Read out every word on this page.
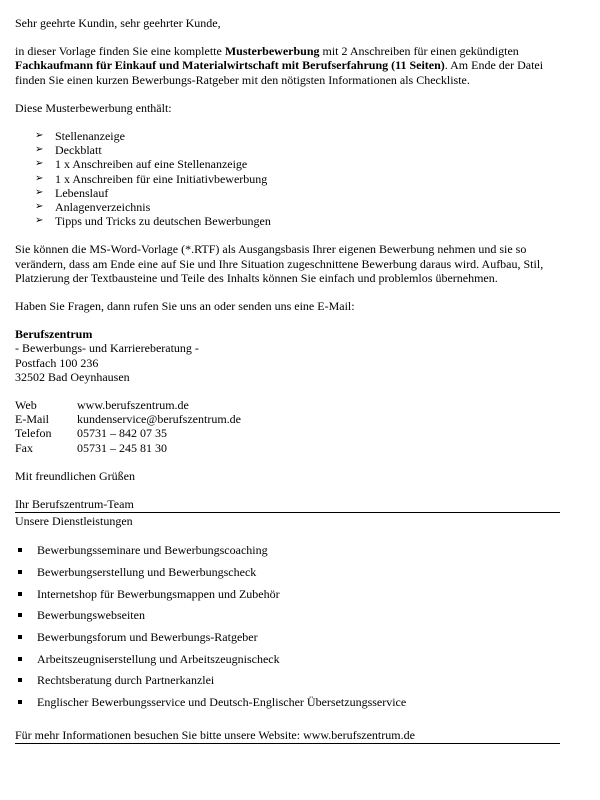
Sehr geehrte Kundin, sehr geehrter Kunde,

in dieser Vorlage finden Sie eine komplette Musterbewerbung mit 2 Anschreiben für einen gekündigten Fachkaufmann für Einkauf und Materialwirtschaft mit Berufserfahrung (11 Seiten). Am Ende der Datei finden Sie einen kurzen Bewerbungs-Ratgeber mit den nötigsten Informationen als Checkliste.

Diese Musterbewerbung enthält:

➢ Stellenanzeige
➢ Deckblatt
➢ 1 x Anschreiben auf eine Stellenanzeige
➢ 1 x Anschreiben für eine Initiativbewerbung
➢ Lebenslauf
➢ Anlagenverzeichnis
➢ Tipps und Tricks zu deutschen Bewerbungen

Sie können die MS-Word-Vorlage (*.RTF) als Ausgangsbasis Ihrer eigenen Bewerbung nehmen und sie so verändern, dass am Ende eine auf Sie und Ihre Situation zugeschnittene Bewerbung daraus wird. Aufbau, Stil, Platzierung der Textbausteine und Teile des Inhalts können Sie einfach und problemlos übernehmen.

Haben Sie Fragen, dann rufen Sie uns an oder senden uns eine E-Mail:

Berufszentrum

- Bewerbungs- und Karriereberatung -

Postfach 100 236

32502 Bad Oeynhausen

Web	www.berufszentrum.de
E-Mail	kundenservice@berufszentrum.de
Telefon	05731 – 842 07 35
Fax	05731 – 245 81 30

Mit freundlichen Grüßen

Ihr Berufszentrum-Team

Unsere Dienstleistungen

Bewerbungsseminare und Bewerbungscoaching
Bewerbungserstellung und Bewerbungscheck
Internetshop für Bewerbungsmappen und Zubehör
Bewerbungswebseiten
Bewerbungsforum und Bewerbungs-Ratgeber
Arbeitszeugniserstellung und Arbeitszeugnischeck
Rechtsberatung durch Partnerkanzlei
Englischer Bewerbungsservice und Deutsch-Englischer Übersetzungsservice

Für mehr Informationen besuchen Sie bitte unsere Website: www.berufszentrum.de
